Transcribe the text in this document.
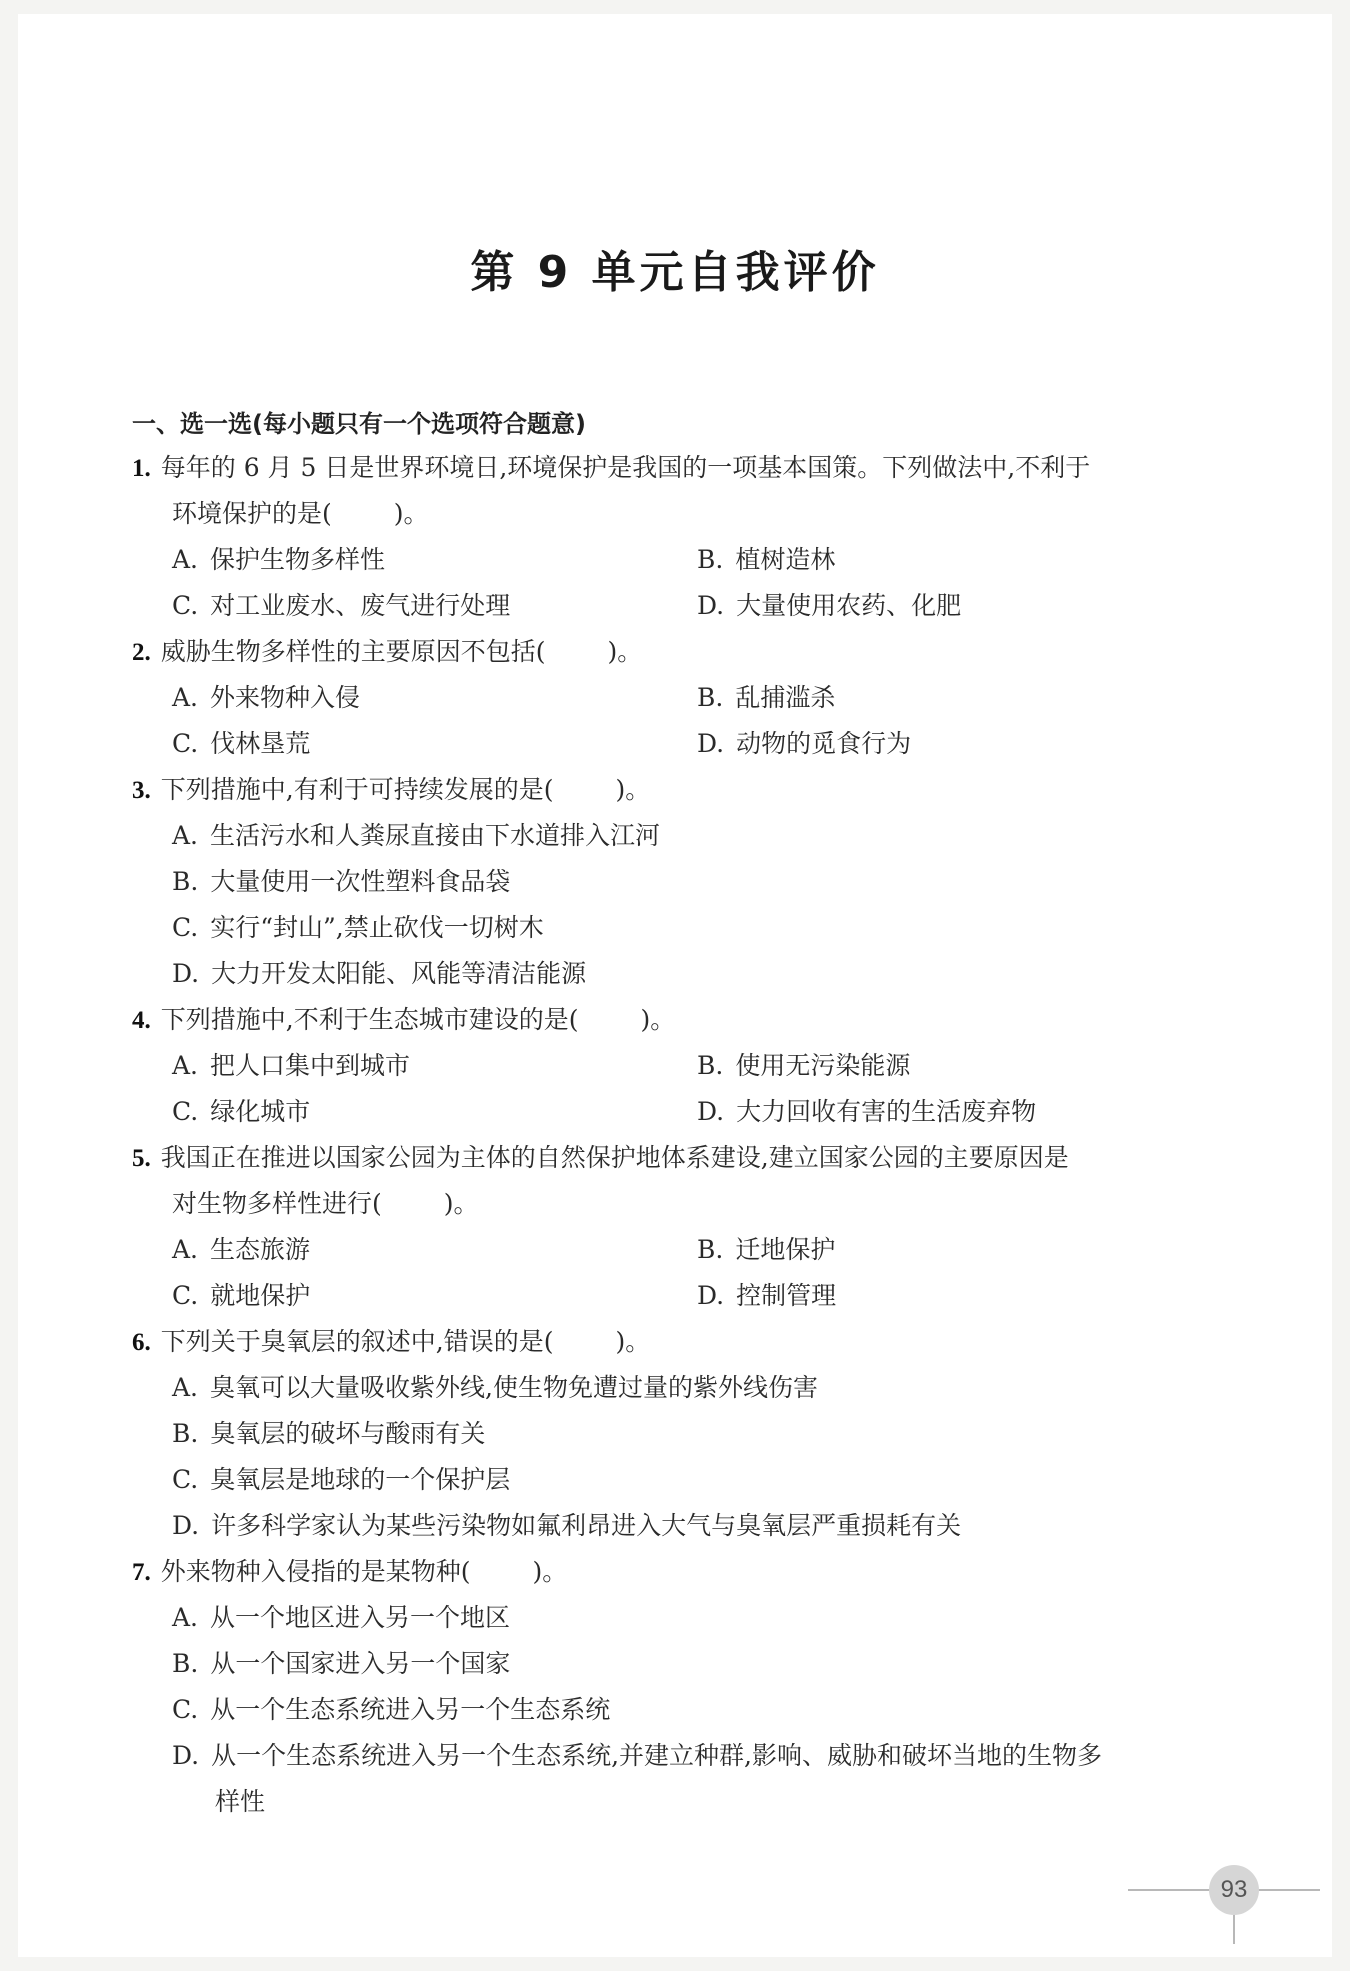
第 9 单元自我评价
一、选一选(每小题只有一个选项符合题意)
1. 每年的 6 月 5 日是世界环境日,环境保护是我国的一项基本国策。下列做法中,不利于
环境保护的是( )。
A. 保护生物多样性	B. 植树造林
C. 对工业废水、废气进行处理	D. 大量使用农药、化肥
2. 威胁生物多样性的主要原因不包括( )。
A. 外来物种入侵	B. 乱捕滥杀
C. 伐林垦荒	D. 动物的觅食行为
3. 下列措施中,有利于可持续发展的是( )。
A. 生活污水和人粪尿直接由下水道排入江河
B. 大量使用一次性塑料食品袋
C. 实行“封山”,禁止砍伐一切树木
D. 大力开发太阳能、风能等清洁能源
4. 下列措施中,不利于生态城市建设的是( )。
A. 把人口集中到城市	B. 使用无污染能源
C. 绿化城市	D. 大力回收有害的生活废弃物
5. 我国正在推进以国家公园为主体的自然保护地体系建设,建立国家公园的主要原因是
对生物多样性进行( )。
A. 生态旅游	B. 迁地保护
C. 就地保护	D. 控制管理
6. 下列关于臭氧层的叙述中,错误的是( )。
A. 臭氧可以大量吸收紫外线,使生物免遭过量的紫外线伤害
B. 臭氧层的破坏与酸雨有关
C. 臭氧层是地球的一个保护层
D. 许多科学家认为某些污染物如氟利昂进入大气与臭氧层严重损耗有关
7. 外来物种入侵指的是某物种( )。
A. 从一个地区进入另一个地区
B. 从一个国家进入另一个国家
C. 从一个生态系统进入另一个生态系统
D. 从一个生态系统进入另一个生态系统,并建立种群,影响、威胁和破坏当地的生物多
样性
93
